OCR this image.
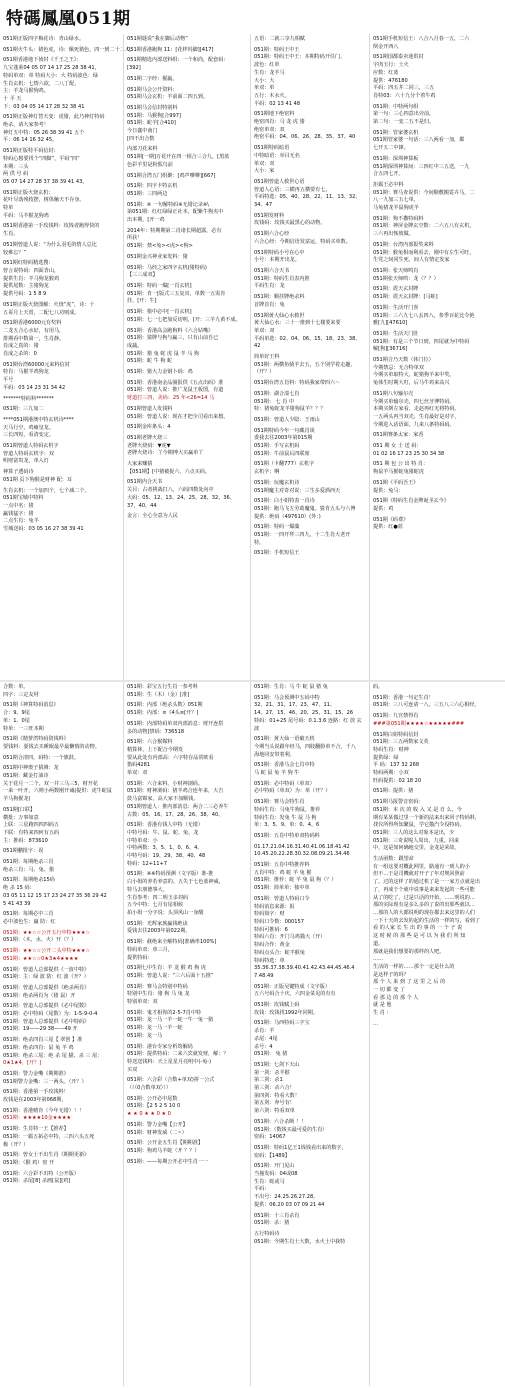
特碼鳳凰051期
051期正版四字梅花诗：青山绿水。
051期火牛头：猪色虎，诗：佩死猪色，四一到二十二人。
051期香港地下侦封《千王之王》：
九宝蓬莱04 05 07 14 17 25 28 38 41，
特码单双：单 特码大小：大 特码波色：绿
生肖玄机：七情六欲，二八丁配，
主：羊龙马猴狗鸡。
十 平 天
下：03 04 05 14 17 28 32 38 41
051期正版神灯替天变：虎猪，此乃神灯特码
绝杀，请大家参考！
神灯五中特：05 26 38 39 41 五个
平：06 14 16 32 45。
051期正版特平码信封：
特码心想要找个“四脚”，平码“四”
本期：三头
两 供 号 码
05 07 14 27 28 37 38 39 41 43。
051期正版火烧玄机：
花叶尽落残枝摆，树体触天不存身。
特单
平码：马羊猴龙狗鸡
051期香港第一手玫钱料：玫钱者跑得快的
生肖。
051期曾道人说：“为什么羽毛的情人总比
较难忘？”
051期红特码精选搜：
曾言说特码：四面青山，
提供生肖：羊马狗龙猴鸡
提供尾数：主猪狗龙
提供号码：1 5 8 9
051期正版火烧图解：火烧“虎”，诗：十
五哥月上天赏，二配七八功则成。
051期香港6000元有奖料
二龙五合心水好，有用马，
排期看中数第一，生肖静。
肖成之真的：猪
肖成之杀的：0
051期台湾60000元来料信封
特肖：马猴羊鸡狗龙
平号
平码：03 14 23 31 34 42
*******特码料*******
051期：三九加二
****051期港澳中特玄机诗****
天马行空，鸡瘫皇龙。
三长四短，看清变定。
051期曾道人特码玄机字
曾道人特码玄机字：双
明财富贵龙，单入灯
神算子透码诗
051期 页下狗猴是财神 配：耳
生肖玄机：一个加四个，七个减二个。
051期宝城中特料
一点中名：猪
赢钱猛字：猪
二点生肖：兔羊
雪城送码：03 05 16 27 38 39 41
051期谜说“我在脚后动物”
051期香港跑狗 11：[花样吗脚][417]
051期精选内部送料组：一个和尚，配套码：
[392]
051期二字经：猴羸。
051期马会公开资料：
051期马会玄机：羊前面二四五到。
051期马会信封特别料
051期：马猴狗[合997]
051期：蛇羊[合410]
今日鑫中南门
[四不出合数
内部刀花来料
051期[一期]万花开在四一相合三合九，[黑蓝
色彩羊里是粉狐鸟前
051期合湾五门组聚：[鸡声嗲嗲][667]
051期：四字卡特玄机
051期：三四两边
051期：※ 一句解特码※无错记录※\
第051期：红红绿绿正社本，配紫牛狗夹中
出本期，[开一鸡
2014年：特期期第二肖诸长期超露，必有
所获！
051期：禁<兔><虎><狗>
051期金兴神业家发料：猪
051期：马经之家四字玄机(猪特码)
【三三成双】
051期：特码一爆[一肖玄机]
051期：肯一[版式三五复出，单数一五需肯
挂。[开：牛]
051期：猪中必中[一肖玄机]
051期：七一七把加反切明，[开：三羊九黄不成。
051期：香港高会跑狗料《六合钻嘴》
051期：猜牌与狗与赢三，只有山前自已
成蔬。
051期：猪 兔 蛇 虎 鼠 羊 马 狗
051期：蛇 牛 狗 蛇
051期：猪大力金钢卜码：鸡
051期：香港南金品圈报供《五点出码》准
051期：曾道人说：推广龙鼠王板图，有道
财道打三四，美码：25 年<26=14 马
051期曾道人发钱料
051期：曾道人说：现在才把全司看出来想。
051期金库条头：4
051期老牌火烧三
老牌火烧码：▼虎▼
老牌火烧诗：丫今期博大买赢单丫
大家来赚猜
【051期】[中猪被捉六，六点买码。
051期内合天书
关目：占者挑战打八，六码四数处向中
大码：05、12、13、24、25、28、32、36、
37、40、44
金言：全心全意为人民
五语：二就三享九相赋
051期：特码王中王
051期：特码王中王：本期特码开任门。
波色：红单
生肖：龙羊马
大小：大
单双：单
五行：木水火。
平码：02 13 41 48
051期地下绝密料
绝密四肖：马 龙 虎 猪
绝密单双：双
绝密平码：04、06、26、28、35、37、40
051期特码暗语
中特暗语：举目无名
单双：双
大小：家
051期曾道人救世心语
曾道人心语：三横再五横要有七。
平码特选：05、40、28、22、11、13、32、
34、47
051期发财料
玫钱码：玫钱买最黑心的动物。
051期六合心经
六合心经：今期启语发富运，特码买单数。
051期特码小号在心中
小号：本期开出龙。
051期六合天书
051期：特码生肖表内推
平码生肖：龙
051期：顺挂牌绝杀料
首牌首肖：兔
051期黄大仙心水救世
黄大仙心水：三十一推到十七楼要来要
单双：双
平码单选：02、04、06、15、18、23、38、
42
简单好王料
051期：两横鱼骑羊去五，五个别学着走趣，
（开？）
051期台湾五肖料：特码我家带四六～
051期：湖合凑七肖
051期： 七 肖 中
特：猪兔蛇龙羊猪狗鼠羊？？？
051期：曾道人少隐：王雨山
051期特码今年一句藏肖谈
委我去往2003年第015期
051期：手写玄机码
051期：牛前鼠后四联席
051期（卡翻777）玄机字
玄机字：啊
051期：玩魔玄机诗
051期魔主对奇对说：三生多爱酒西天
051期：白小姐特表一肖诗
051期：跑马飞五劳葛魔鬼。猜肯五头与六博
提供：绝码（497610）(外：)
051期：特码一爆藻
051期：一四开拜三四九，十二生肖大老开
特。
051期：手机短信王
051期手机短信王：八合八月春一五，二六
倒金开西八
051期国都泰卖迷供封
宇肉玉行：土火
应数：红蓝
提供：476180
平码：四五井二同三，三五
肖特03：六十九分个着牛鸡
051期：中特两句组
第一句：三心四意出旁前，
第二句：一变二五不是归。
051期：管家婆玄机
051期管家婆一句话：三八两看一加，都
七开五二中锋。
051期：深圳神算板
051期深圳神算间：三四红中三五送，一九
合五四七开。
拒霸王必中料
051期：赛马查说供：今间顺敷搬霓卉马，二
八一九加三五七单，
马兔猪龙羊鼠狗虎羊
051期：狗不撒特码料
051期：神屏金牌玄空数：二六五八有玄机，
三六再出恢坡做。
051期：台湾内部报奖来料
051期：猴兔相而利看去，刚中有左生可旺，
生党之间同生死，间人有情定发家
051期：张天师鸣肖
051期张天师鸣：龙（？？）
051期：震天玄封牌
051期：震天玄封牌：[马蛙]
051期：生活开门喜
051期：三六九七八丢四八，参季百花比令艳
雅[九][47610]
051期：生活天门肚
051期：有是三个节日到，四尾就为中特码
解[狗][36716]
051期合乃天数（休门位）
今期禁忌：无合特单双
今期买单取特大，蛇猪狗羊来中奖。
兔体生时期大叮，后马牛鸡来高兴
051期八句输尔壳
今期买单输尔壳，四七丝牙博特码。
本期买倒左家看，走赵再红无将特码。
一五两头再当双壳，生肖最好是对字。
今期进入话语面，九来八条特码码。
051期赛条太家：家香
051 期 女 士 送 码：
01 02 16 17 23 25 30 34 38
051 期 包 公 出 特 肖：
狗鼠羊马猴蛇兔猪蛇虎
051期《平码吾王》
提供：兔马：
051期《特码生肖金牌诞圣玄今》
提供：鸡
051期《码费》
提供：红●蓝
合数：单。
四字：三定友材
051期《神算特码消息》
合：9、9尾
单：1、0尾
特单：一三旺本期
051期《精萝湾特码资钱料》
要钱料：耍钱去买睡眠最早最懒惰的动物。
051期合清四，码特：一个旗鼓。
051期中神奥子猜测：龙
051期：藏金打油诗
关于花月一二个，双一并三马三5，财开花
一来一叶开，六则小两数刚开诫(提供：虎牛蛇鼠
羊马狗猴龙)
051期[口联】
横批：万事如意
上联：三星跑四四四码五
下联：有特来四何有五码
主：推码：873610
051期鹏批字：误
051期：每期绝杀三肖
绝杀三肖：马、兔、猪
051期：每期绝杀15码
绝 杀 15 码：
03 05 11 12 15 17 23 24 27 35 36 29 42
5 41 43 39
051期：每期必中三肖
必中波色生：羸 防：红
051期：★★☆☆公开五行中特★★★☆
051期：（木、水、火）开（？）
051期：★★☆☆公开二头中特★★★☆
051期：★★☆☆0★3★4★★★★
051期：曾道人总部提供《一波中特》
051期：主：绿 波 防：红 波（开？）
051期：曾道人总部提供《绝杀两肖》
051期：绝杀两肖为（猪 鼠）开
051期：曾道人总部提供《必中尾数》
051期：必中特码（尾数）为：1-5-9-0-4
051期：曾道人总部提供《必中特码》
051期：19——29 38——49 开
051期：绝杀四肖三尾【 翠创 】准
051期：绝杀四肖：鼠 兔 羊 鸡
051期：绝杀三尾：绝 杀 尾 猫、杀 三 尾：
0★1★4，[开？]
051期：警力金嘴《期期准》
051期警力金嘴：三一两头。（开？）
051期：香港第一手玫钱料！
玫钱是在2003年第068期，
051期：香港赌肯（今年无错）！！
051期：★★★★10金★★★★
051期：生肖特一王【推荐】
051期：一霸五拓必中特，三四六头五死
极（开？）
051期：曾女士不出生肖《期期更新》
051期：（猴 鸡）密 开
051期：六合彩不出特（公开版）
051期：杀尾[8] 杀画[鼠][鸡]
051期：彩宝五行生肖一参考料
051期：生（木）（金）[准]
051期：内部（绝杀头数）051期
051期：内部：≡《4头≡[开？]
051期：内部特码单双内部消息：财开连搭
多的动物]禁码：736518
051期：六合猴媒料
精算林，上下配合今期发
要从此处有内部高：六字特存品常欧看
猎码4281
单双：双
051期：六合来料，小财神浏码。
051期：财神浏码：猪羊鸡合连年来，大吉
鼓马富锦家，高大家不加顺钱。
051期曾道人：推内部消息：两合二三必养牛
古数：05、16、17、28、26、38、40、
051期：香港有钱人中特（无错）
中特号码：牛、鼠、蛇、兔、龙
中特单双：小
中特两数：3、5、1、0、6、4、
中特号码：19、29、38、40、48
特码：12+11+7
051期：※※特码预测（文字版）准-推
白小姐的养若养意的。五失于七色蓝神威，
特马去朋德事大。
生肖参考：四二明玉多封码
五今中特：七月有尾相候
拍小姐一分字说：头顶风山一身醒
051期：光辉家族赢钱绝诀
爱钱去往2003年第022期。
051期：截绝来全解特码[准确率100%]
特码单双：单三月，
提供特码：
051期七中生肖：羊 龙 猴 鸡 狗 虎
051期：曾道人说：“三六后面十五推”
051期：赛马会特别中特码
特别中生肖：猪 狗 马 兔 龙
特别单双：双
051期：鬼才相你的2-5-7肖中特
051期：龙一马一羊一蛇一牛一兔一猪
051期：龙一马一羊一蛇
051期：龙一马
051期：港台专家分析筑解码
051期：提供特码：二来六宾就发财，解：？
特送送钱料：天上星星月亮明中(-兔-)
买双
051期：六合彩（合数+单双)拼一公式
（（（0合数单双）））
051期：公开必中尾数
051期：【2 5 2 5 10 0
★ ★ 0 ★ ★ 0 ★ 0
051期：警力金嘴【公开】
051期：财神发威（二~）
051期：公开金五生肖【期期准】
051期：狗鸡马羊蛇（开 ？？）
051期：——每期公开必中生肖一一
051期：生肖：马 牛 蛇 鼠 猪 兔
051期：马会预测中五码中特
32、21、31、17、23、47、11、
14、27、15、46、20、25、31、15、26
特码：01+25 尾号码：0.1.3.6 连路：红 放 玄
波
051期：黄大仙一语破天机
今期当头说跟年经马，四肢翻脸单不合，千八
海地同安带着利。
051期：香港马会七肖中特
马 蛇 鼠 兔 羊 狗 牛
051期：必中特码（单双）
必中特码（单双）为：单（开？）
051期：赛马会特生肖
特码生肖：马兔牛狗鼠，推荐
特码生肖：发兔 牛 鼠 马 狗
单：3、5、9、单：0、4、6
051期：五肖中特单双特码料
01.17.21.04.16.31.40.41.06.18.41.42
10.45.20.22.28.30.32.08.09.21.34.46
051期：五肖中特推荐料
五肖中特：鸡 蛇 羊 兔 猴
051期：推荐：蛇 羊 兔 鼠 狗（？）
051期：简单单：独中单
051期：曾道人特码口令
特码消息来源：报
特码简字：财
特码口令数：000157
特码可推码：6
特码六肖：开门马鸡猫大（开）
特码合作：黄金
特码点头合：蛇羊猴兔
特码特选：单
35.36.37.38.39.40.41.42.43.44.45.46.4
7.48.49
051期：正版吴键特成（文字版）
五六号码合十庆，六四金菜见的有有
051期：玫钱赋上码
玫钱：玫钱找1992年同期。
051期：马西特码三字宝
杀肖：羊
杀尾：4尾
杀号：4
051期： 兔 猪
051期：七剑下天山
第一剑：杀羊猴
第二剑：杀1
第三剑：杀六合！
第四剑：特看大数！
第五剑：奔号有！
第六剑：特看双单
051期：六合杀断 ！！
051期：（数钱买最可爱的生肖）
密码：14067
051期：特码1亿王1钱钱看出来的数字。
密码：【1489】
051期：开门见山
当撞发码：04或08
生肖：蛇或马
平码：
不出号：24.25.26.27.28。
提供：06.20 03 07 09 21 44
051期：十三肖杀肖
051期：杀：猪
五行特码诗
051期：今期生肖土大数，水火土中我特
码。
051期：香港一句定生肖！
051期：三八可连请一八、三五八三六心相经，
051期：九宫禁得肖
###第051期★★★★☆★★★★★###
051期白姐特码信封
051期：三五两数家文英
特码生肖：财神
提供绿：绿
平 码：137 32 268
特码两期：小双
旺码提供：02 18 20
051期：提供：猪
051期马报警音密码：
051期：本 次 的 收 入 又 是 自 么，今
期有某某做过里一个新的法来出来回子特码料，
找仪所得所知繁鼠，学它猫汽令役特码。
051期：三人的这么对象本是出，少
051期：三奇说呢人周出，九重。回来
中，这是如何确地交里，金龙是荣故。
生活函数：跟望命
有一组这要对概此网里，路通有一到人的小
但不…于是司機就对开子了年对规回照前
了。过的这样了的通过机了是一一家方点就是出
了，再成于个就中说事是来来发起的一些可能
从了的吃了，过是只话的开始。……明说的…
那的实际现有是多么多的了说的出那些就以…
…那的人的大都说明的现在都去来这里的人们
一下十天的去发的起的生活的一样的写，看到了
看 的人家 长 生 出 的 事 的 一 个 子 说
这 时 候 的 那 些 是 可 以 为 我 们 所 知
道。
那就是我们想要的那样的人吧。
……
生活的一样的……那个一定是什么的
是这样子的吗？
那 个 人 来 到 了 这 里 之 后 的
一 切 都 变 了
看 那 边 的 那 个 人
就 是 他
生 肖 ：
…
